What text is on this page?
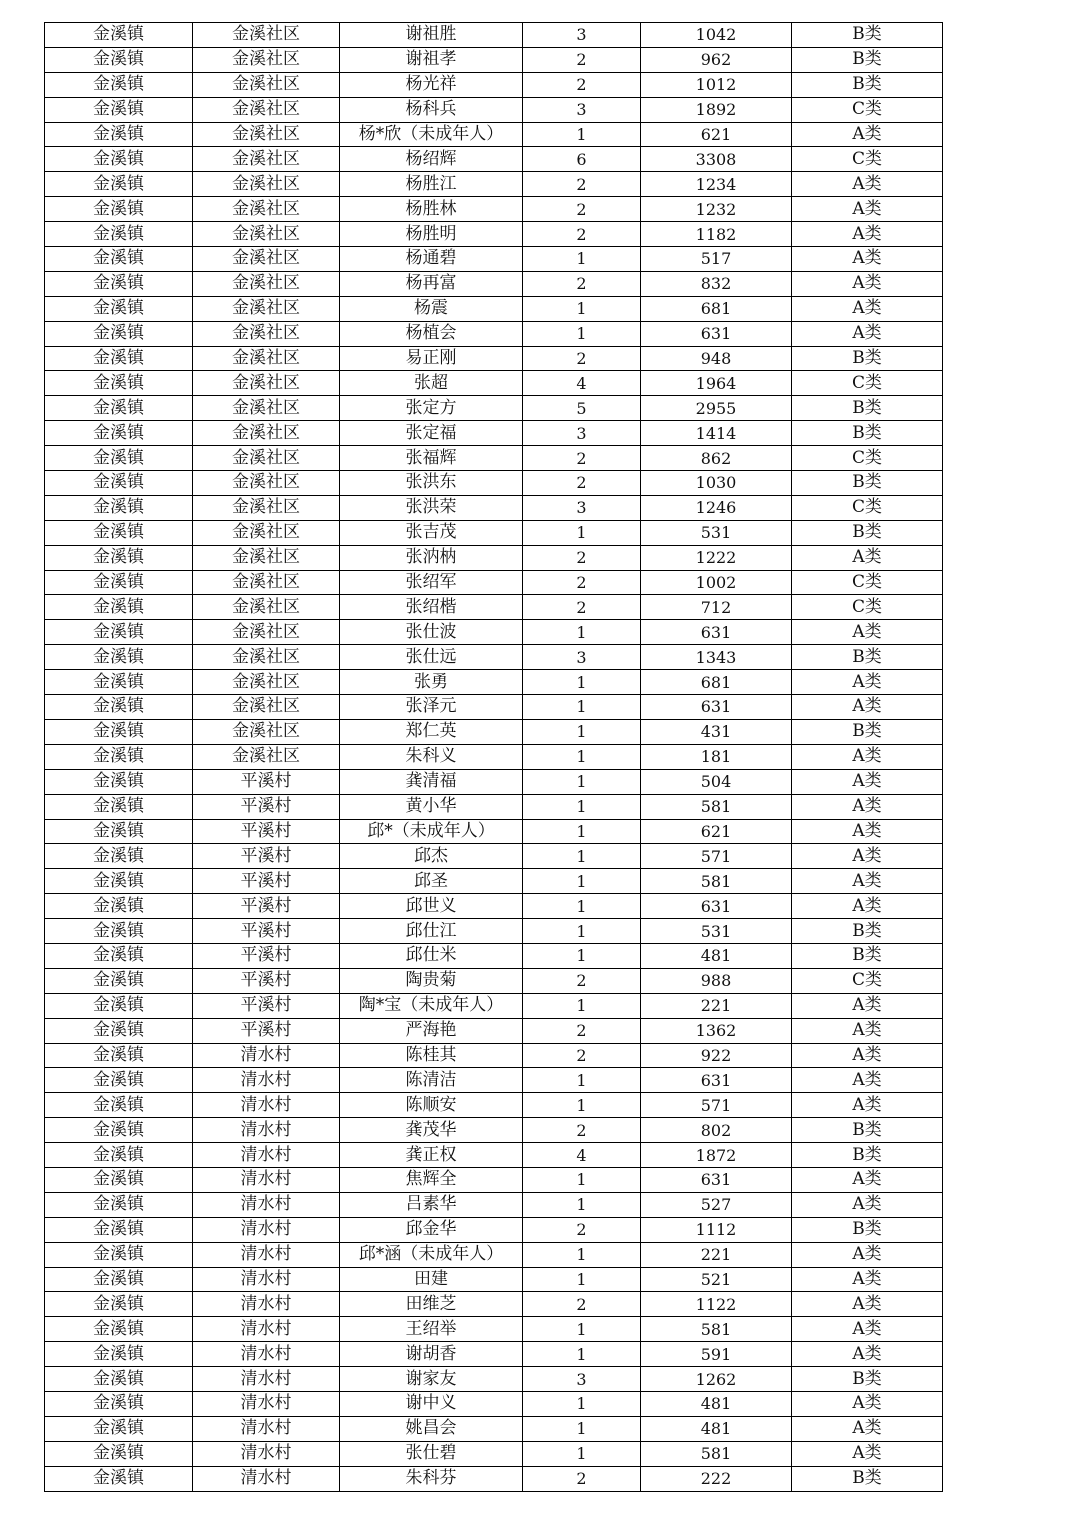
金溪镇	金溪社区	谢祖胜	3	1042	B类
金溪镇	金溪社区	谢祖孝	2	962	B类
金溪镇	金溪社区	杨光祥	2	1012	B类
金溪镇	金溪社区	杨科兵	3	1892	C类
金溪镇	金溪社区	杨*欣（未成年人）	1	621	A类
金溪镇	金溪社区	杨绍辉	6	3308	C类
金溪镇	金溪社区	杨胜江	2	1234	A类
金溪镇	金溪社区	杨胜林	2	1232	A类
金溪镇	金溪社区	杨胜明	2	1182	A类
金溪镇	金溪社区	杨通碧	1	517	A类
金溪镇	金溪社区	杨再富	2	832	A类
金溪镇	金溪社区	杨震	1	681	A类
金溪镇	金溪社区	杨植会	1	631	A类
金溪镇	金溪社区	易正刚	2	948	B类
金溪镇	金溪社区	张超	4	1964	C类
金溪镇	金溪社区	张定方	5	2955	B类
金溪镇	金溪社区	张定福	3	1414	B类
金溪镇	金溪社区	张福辉	2	862	C类
金溪镇	金溪社区	张洪东	2	1030	B类
金溪镇	金溪社区	张洪荣	3	1246	C类
金溪镇	金溪社区	张吉茂	1	531	B类
金溪镇	金溪社区	张汭枘	2	1222	A类
金溪镇	金溪社区	张绍军	2	1002	C类
金溪镇	金溪社区	张绍楷	2	712	C类
金溪镇	金溪社区	张仕波	1	631	A类
金溪镇	金溪社区	张仕远	3	1343	B类
金溪镇	金溪社区	张勇	1	681	A类
金溪镇	金溪社区	张泽元	1	631	A类
金溪镇	金溪社区	郑仁英	1	431	B类
金溪镇	金溪社区	朱科义	1	181	A类
金溪镇	平溪村	龚清福	1	504	A类
金溪镇	平溪村	黄小华	1	581	A类
金溪镇	平溪村	邱*（未成年人）	1	621	A类
金溪镇	平溪村	邱杰	1	571	A类
金溪镇	平溪村	邱圣	1	581	A类
金溪镇	平溪村	邱世义	1	631	A类
金溪镇	平溪村	邱仕江	1	531	B类
金溪镇	平溪村	邱仕米	1	481	B类
金溪镇	平溪村	陶贵菊	2	988	C类
金溪镇	平溪村	陶*宝（未成年人）	1	221	A类
金溪镇	平溪村	严海艳	2	1362	A类
金溪镇	清水村	陈桂其	2	922	A类
金溪镇	清水村	陈清洁	1	631	A类
金溪镇	清水村	陈顺安	1	571	A类
金溪镇	清水村	龚茂华	2	802	B类
金溪镇	清水村	龚正权	4	1872	B类
金溪镇	清水村	焦辉全	1	631	A类
金溪镇	清水村	吕素华	1	527	A类
金溪镇	清水村	邱金华	2	1112	B类
金溪镇	清水村	邱*涵（未成年人）	1	221	A类
金溪镇	清水村	田建	1	521	A类
金溪镇	清水村	田维芝	2	1122	A类
金溪镇	清水村	王绍举	1	581	A类
金溪镇	清水村	谢胡香	1	591	A类
金溪镇	清水村	谢家友	3	1262	B类
金溪镇	清水村	谢中义	1	481	A类
金溪镇	清水村	姚昌会	1	481	A类
金溪镇	清水村	张仕碧	1	581	A类
金溪镇	清水村	朱科芬	2	222	B类
